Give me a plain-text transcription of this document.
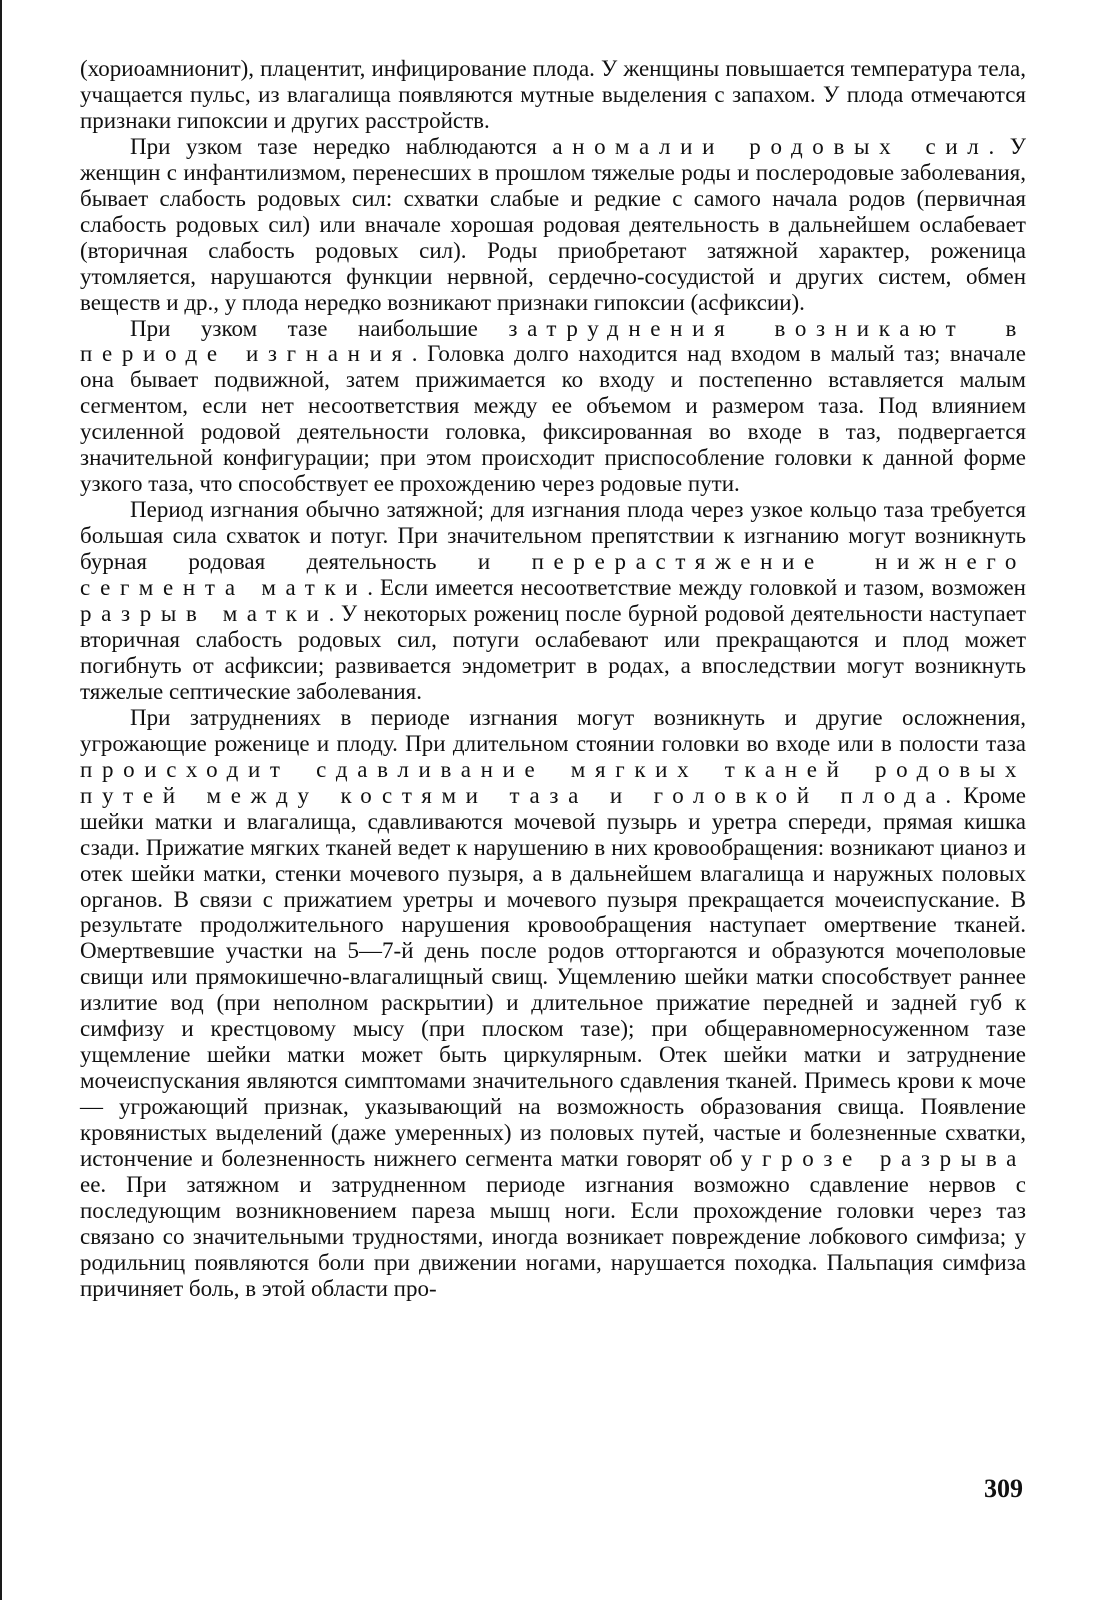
(хориоамнионит), плацентит, инфицирование плода. У женщины повышается температура тела, учащается пульс, из влагалища появляются мутные выделения с запахом. У плода отмечаются признаки гипоксии и других расстройств.

При узком тазе нередко наблюдаются аномалии родовых сил. У женщин с инфантилизмом, перенесших в прошлом тяжелые роды и послеродовые заболевания, бывает слабость родовых сил: схватки слабые и редкие с самого начала родов (первичная слабость родовых сил) или вначале хорошая родовая деятельность в дальнейшем ослабевает (вторичная слабость родовых сил). Роды приобретают затяжной характер, роженица утомляется, нарушаются функции нервной, сердечно-сосудистой и других систем, обмен веществ и др., у плода нередко возникают признаки гипоксии (асфиксии).

При узком тазе наибольшие затруднения возникают в периоде изгнания. Головка долго находится над входом в малый таз; вначале она бывает подвижной, затем прижимается ко входу и постепенно вставляется малым сегментом, если нет несоответствия между ее объемом и размером таза. Под влиянием усиленной родовой деятельности головка, фиксированная во входе в таз, подвергается значительной конфигурации; при этом происходит приспособление головки к данной форме узкого таза, что способствует ее прохождению через родовые пути.

Период изгнания обычно затяжной; для изгнания плода через узкое кольцо таза требуется большая сила схваток и потуг. При значительном препятствии к изгнанию могут возникнуть бурная родовая деятельность и перерастяжение нижнего сегмента матки. Если имеется несоответствие между головкой и тазом, возможен разрыв матки. У некоторых рожениц после бурной родовой деятельности наступает вторичная слабость родовых сил, потуги ослабевают или прекращаются и плод может погибнуть от асфиксии; развивается эндометрит в родах, а впоследствии могут возникнуть тяжелые септические заболевания.

При затруднениях в периоде изгнания могут возникнуть и другие осложнения, угрожающие роженице и плоду. При длительном стоянии головки во входе или в полости таза происходит сдавливание мягких тканей родовых путей между костями таза и головкой плода. Кроме шейки матки и влагалища, сдавливаются мочевой пузырь и уретра спереди, прямая кишка сзади. Прижатие мягких тканей ведет к нарушению в них кровообращения: возникают цианоз и отек шейки матки, стенки мочевого пузыря, а в дальнейшем влагалища и наружных половых органов. В связи с прижатием уретры и мочевого пузыря прекращается мочеиспускание. В результате продолжительного нарушения кровообращения наступает омертвение тканей. Омертвевшие участки на 5—7-й день после родов отторгаются и образуются мочеполовые свищи или прямокишечно-влагалищный свищ. Ущемлению шейки матки способствует раннее излитие вод (при неполном раскрытии) и длительное прижатие передней и задней губ к симфизу и крестцовому мысу (при плоском тазе); при общеравномерносуженном тазе ущемление шейки матки может быть циркулярным. Отек шейки матки и затруднение мочеиспускания являются симптомами значительного сдавления тканей. Примесь крови к моче — угрожающий признак, указывающий на возможность образования свища. Появление кровянистых выделений (даже умеренных) из половых путей, частые и болезненные схватки, истончение и болезненность нижнего сегмента матки говорят об угрозе разрыва ее. При затяжном и затрудненном периоде изгнания возможно сдавление нервов с последующим возникновением пареза мышц ноги. Если прохождение головки через таз связано со значительными трудностями, иногда возникает повреждение лобкового симфиза; у родильниц появляются боли при движении ногами, нарушается походка. Пальпация симфиза причиняет боль, в этой области про-

309
